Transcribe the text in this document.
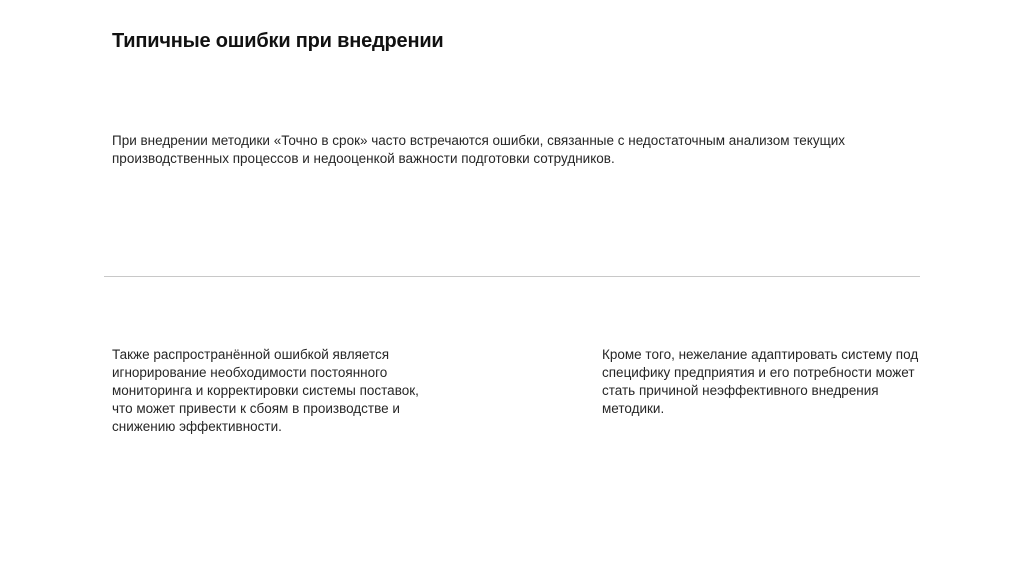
Типичные ошибки при внедрении
При внедрении методики «Точно в срок» часто встречаются ошибки, связанные с недостаточным анализом текущих производственных процессов и недооценкой важности подготовки сотрудников.
Также распространённой ошибкой является игнорирование необходимости постоянного мониторинга и корректировки системы поставок, что может привести к сбоям в производстве и снижению эффективности.
Кроме того, нежелание адаптировать систему под специфику предприятия и его потребности может стать причиной неэффективного внедрения методики.
